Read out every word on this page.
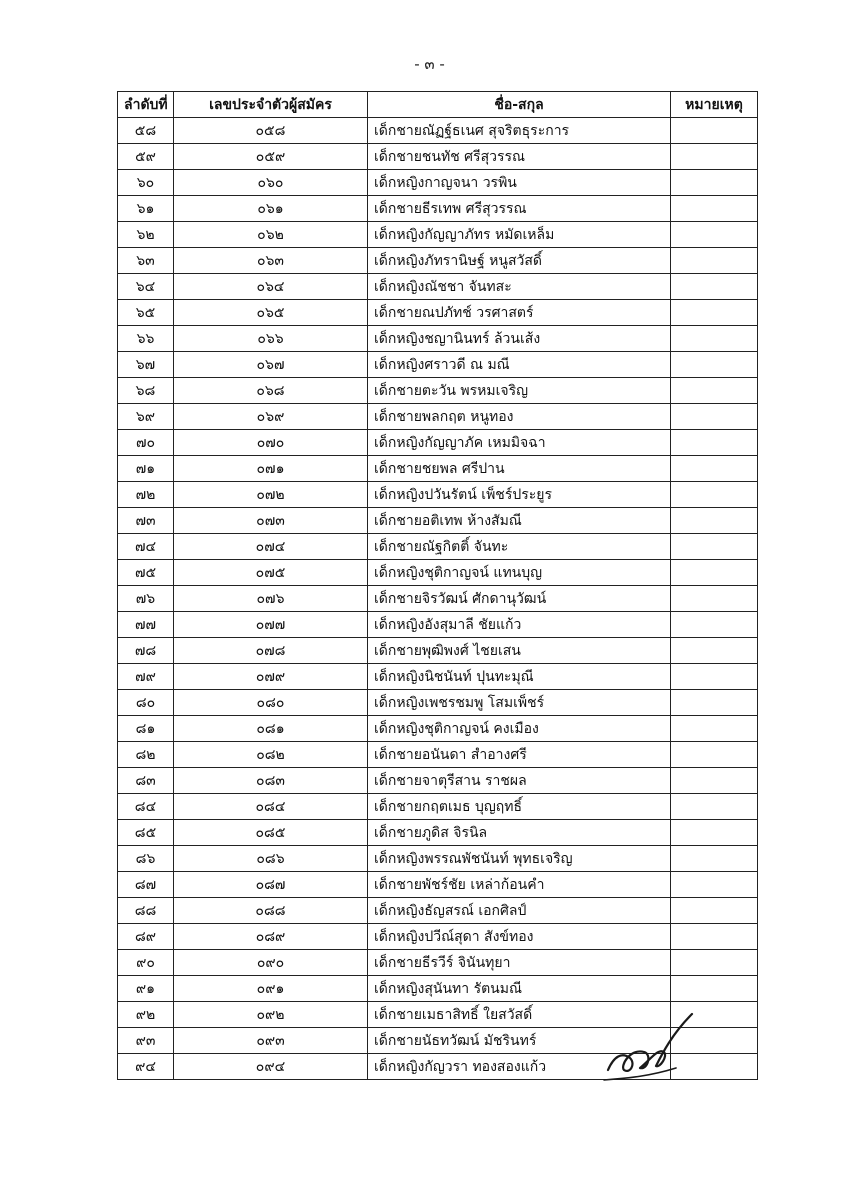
- ๓ -
ลำดับที่	เลขประจำตัวผู้สมัคร	ชื่อ-สกุล	หมายเหตุ
๕๘	๐๕๘	เด็กชายณัฏฐ์ธเนศ สุจริตธุระการ	
๕๙	๐๕๙	เด็กชายชนทัช ศรีสุวรรณ	
๖๐	๐๖๐	เด็กหญิงกาญจนา วรพิน	
๖๑	๐๖๑	เด็กชายธีรเทพ ศรีสุวรรณ	
๖๒	๐๖๒	เด็กหญิงกัญญาภัทร หมัดเหล็ม	
๖๓	๐๖๓	เด็กหญิงภัทรานิษฐ์ หนูสวัสดิ์	
๖๔	๐๖๔	เด็กหญิงณัชชา จันทสะ	
๖๕	๐๖๕	เด็กชายณปภัทช์ วรศาสตร์	
๖๖	๐๖๖	เด็กหญิงชญานินทร์ ล้วนเส้ง	
๖๗	๐๖๗	เด็กหญิงศราวดี ณ มณี	
๖๘	๐๖๘	เด็กชายตะวัน พรหมเจริญ	
๖๙	๐๖๙	เด็กชายพลกฤต หนูทอง	
๗๐	๐๗๐	เด็กหญิงกัญญาภัค เหมมิจฉา	
๗๑	๐๗๑	เด็กชายชยพล ศรีปาน	
๗๒	๐๗๒	เด็กหญิงปวันรัตน์ เพ็ชร์ประยูร	
๗๓	๐๗๓	เด็กชายอติเทพ ห้างสัมณี	
๗๔	๐๗๔	เด็กชายณัฐกิตติ์ จันทะ	
๗๕	๐๗๕	เด็กหญิงชุติกาญจน์ แทนบุญ	
๗๖	๐๗๖	เด็กชายจิรวัฒน์ ศักดานุวัฒน์	
๗๗	๐๗๗	เด็กหญิงอังสุมาลี ชัยแก้ว	
๗๘	๐๗๘	เด็กชายพุฒิพงศ์ ไชยเสน	
๗๙	๐๗๙	เด็กหญิงนิชนันท์ ปุนทะมุณี	
๘๐	๐๘๐	เด็กหญิงเพชรชมพู โสมเพ็ชร์	
๘๑	๐๘๑	เด็กหญิงชุติกาญจน์ คงเมือง	
๘๒	๐๘๒	เด็กชายอนันดา สำอางศรี	
๘๓	๐๘๓	เด็กชายจาตุรีสาน ราชผล	
๘๔	๐๘๔	เด็กชายกฤตเมธ บุญฤทธิ์	
๘๕	๐๘๕	เด็กชายภูดิส จิรนิล	
๘๖	๐๘๖	เด็กหญิงพรรณพัชนันท์ พุทธเจริญ	
๘๗	๐๘๗	เด็กชายพัชร์ชัย เหล่าก้อนคำ	
๘๘	๐๘๘	เด็กหญิงธัญสรณ์ เอกศิลป์	
๘๙	๐๘๙	เด็กหญิงปวีณ์สุดา สังข์ทอง	
๙๐	๐๙๐	เด็กชายธีรวีร์ จินันทุยา	
๙๑	๐๙๑	เด็กหญิงสุนันทา รัตนมณี	
๙๒	๐๙๒	เด็กชายเมธาสิทธิ์ ใยสวัสดิ์	
๙๓	๐๙๓	เด็กชายนัธทวัฒน์ มัชรินทร์	
๙๔	๐๙๔	เด็กหญิงกัญวรา ทองสองแก้ว	
